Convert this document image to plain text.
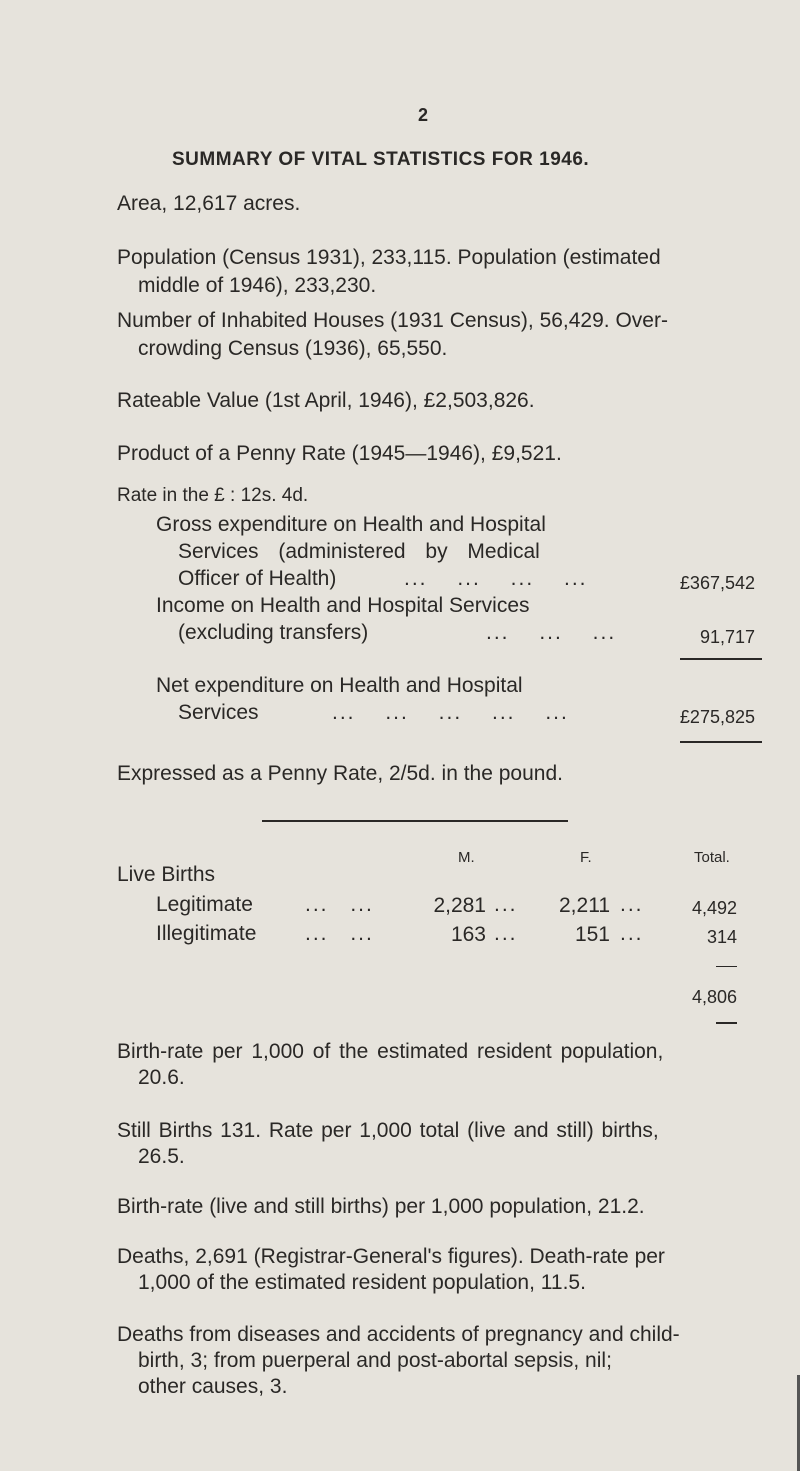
2
SUMMARY OF VITAL STATISTICS FOR 1946.
Area, 12,617 acres.
Population (Census 1931), 233,115. Population (estimated
middle of 1946), 233,230.
Number of Inhabited Houses (1931 Census), 56,429. Over-
crowding Census (1936), 65,550.
Rateable Value (1st April, 1946), £2,503,826.
Product of a Penny Rate (1945—1946), £9,521.
Rate in the £ : 12s. 4d.
Gross expenditure on Health and Hospital
Services (administered by Medical
Officer of Health)	... ... ... ...	£367,542
Income on Health and Hospital Services
(excluding transfers)	... ... ...	91,717
Net expenditure on Health and Hospital
Services	... ... ... ... ...	£275,825
Expressed as a Penny Rate, 2/5d. in the pound.
M.	F.	Total.
Live Births
Legitimate ... ...	2,281 ... 2,211 ...	4,492
Illegitimate ... ...	163 ...	151 ...	314
4,806
Birth-rate per 1,000 of the estimated resident population,
20.6.
Still Births 131. Rate per 1,000 total (live and still) births,
26.5.
Birth-rate (live and still births) per 1,000 population, 21.2.
Deaths, 2,691 (Registrar-General's figures). Death-rate per
1,000 of the estimated resident population, 11.5.
Deaths from diseases and accidents of pregnancy and child-
birth, 3; from puerperal and post-abortal sepsis, nil;
other causes, 3.
